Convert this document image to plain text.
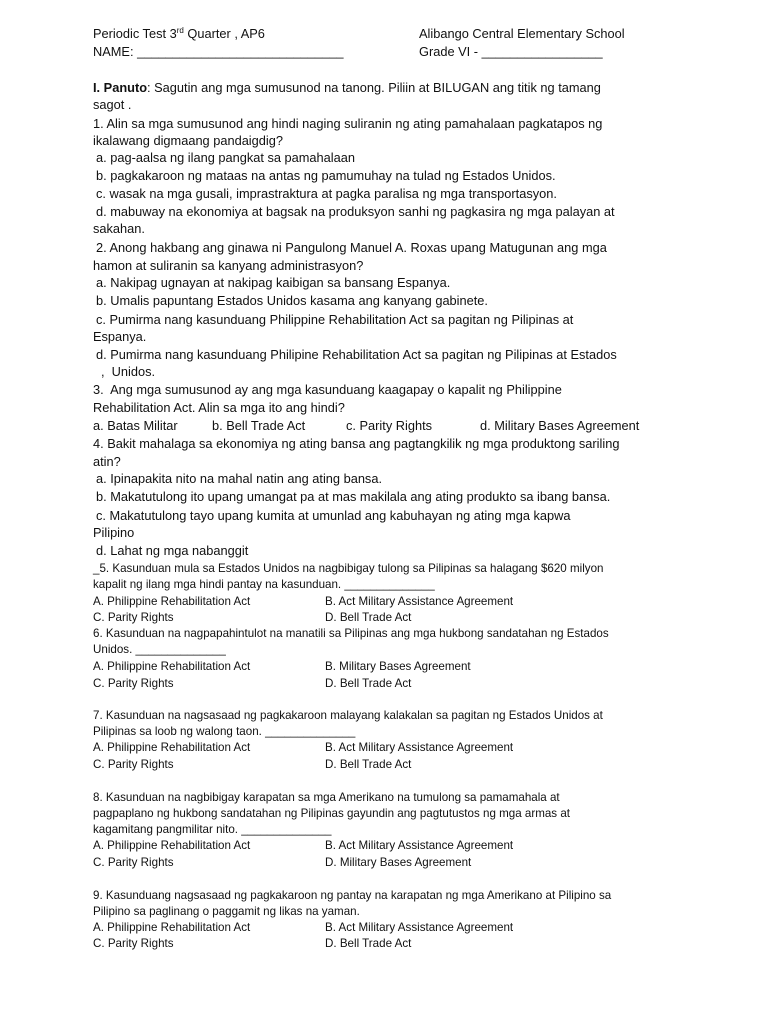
Periodic Test 3rd Quarter , AP6	Alibango Central Elementary School
NAME: _____________________________	Grade VI - _________________
I. Panuto: Sagutin ang mga sumusunod na tanong. Piliin at BILUGAN ang titik ng tamang
sagot .
1. Alin sa mga sumusunod ang hindi naging suliranin ng ating pamahalaan pagkatapos ng
ikalawang digmaang pandaigdig?
a. pag-aalsa ng ilang pangkat sa pamahalaan
b. pagkakaroon ng mataas na antas ng pamumuhay na tulad ng Estados Unidos.
c. wasak na mga gusali, imprastraktura at pagka paralisa ng mga transportasyon.
d. mabuway na ekonomiya at bagsak na produksyon sanhi ng pagkasira ng mga palayan at
sakahan.
2. Anong hakbang ang ginawa ni Pangulong Manuel A. Roxas upang Matugunan ang mga
hamon at suliranin sa kanyang administrasyon?
a. Nakipag ugnayan at nakipag kaibigan sa bansang Espanya.
b. Umalis papuntang Estados Unidos kasama ang kanyang gabinete.
c. Pumirma nang kasunduang Philippine Rehabilitation Act sa pagitan ng Pilipinas at
Espanya.
d. Pumirma nang kasunduang Philipine Rehabilitation Act sa pagitan ng Pilipinas at Estados
,  Unidos.
3.  Ang mga sumusunod ay ang mga kasunduang kaagapay o kapalit ng Philippine
Rehabilitation Act. Alin sa mga ito ang hindi?
a. Batas Militar	b. Bell Trade Act	c. Parity Rights	d. Military Bases Agreement
4. Bakit mahalaga sa ekonomiya ng ating bansa ang pagtangkilik ng mga produktong sariling
atin?
a. Ipinapakita nito na mahal natin ang ating bansa.
b. Makatutulong ito upang umangat pa at mas makilala ang ating produkto sa ibang bansa.
c. Makatutulong tayo upang kumita at umunlad ang kabuhayan ng ating mga kapwa
Pilipino
d. Lahat ng mga nabanggit
_5. Kasunduan mula sa Estados Unidos na nagbibigay tulong sa Pilipinas sa halagang $620 milyon
kapalit ng ilang mga hindi pantay na kasunduan. ______________
A. Philippine Rehabilitation Act	B. Act Military Assistance Agreement
C. Parity Rights	D. Bell Trade Act
6. Kasunduan na nagpapahintulot na manatili sa Pilipinas ang mga hukbong sandatahan ng Estados
Unidos. ______________
A. Philippine Rehabilitation Act	B. Military Bases Agreement
C. Parity Rights	D. Bell Trade Act
7. Kasunduan na nagsasaad ng pagkakaroon malayang kalakalan sa pagitan ng Estados Unidos at
Pilipinas sa loob ng walong taon. ______________
A. Philippine Rehabilitation Act	B. Act Military Assistance Agreement
C. Parity Rights	D. Bell Trade Act
8. Kasunduan na nagbibigay karapatan sa mga Amerikano na tumulong sa pamamahala at
pagpaplano ng hukbong sandatahan ng Pilipinas gayundin ang pagtutustos ng mga armas at
kagamitang pangmilitar nito. ______________
A. Philippine Rehabilitation Act	B. Act Military Assistance Agreement
C. Parity Rights	D. Military Bases Agreement
9. Kasunduang nagsasaad ng pagkakaroon ng pantay na karapatan ng mga Amerikano at Pilipino sa
Pilipino sa paglinang o paggamit ng likas na yaman.
A. Philippine Rehabilitation Act	B. Act Military Assistance Agreement
C. Parity Rights	D. Bell Trade Act
